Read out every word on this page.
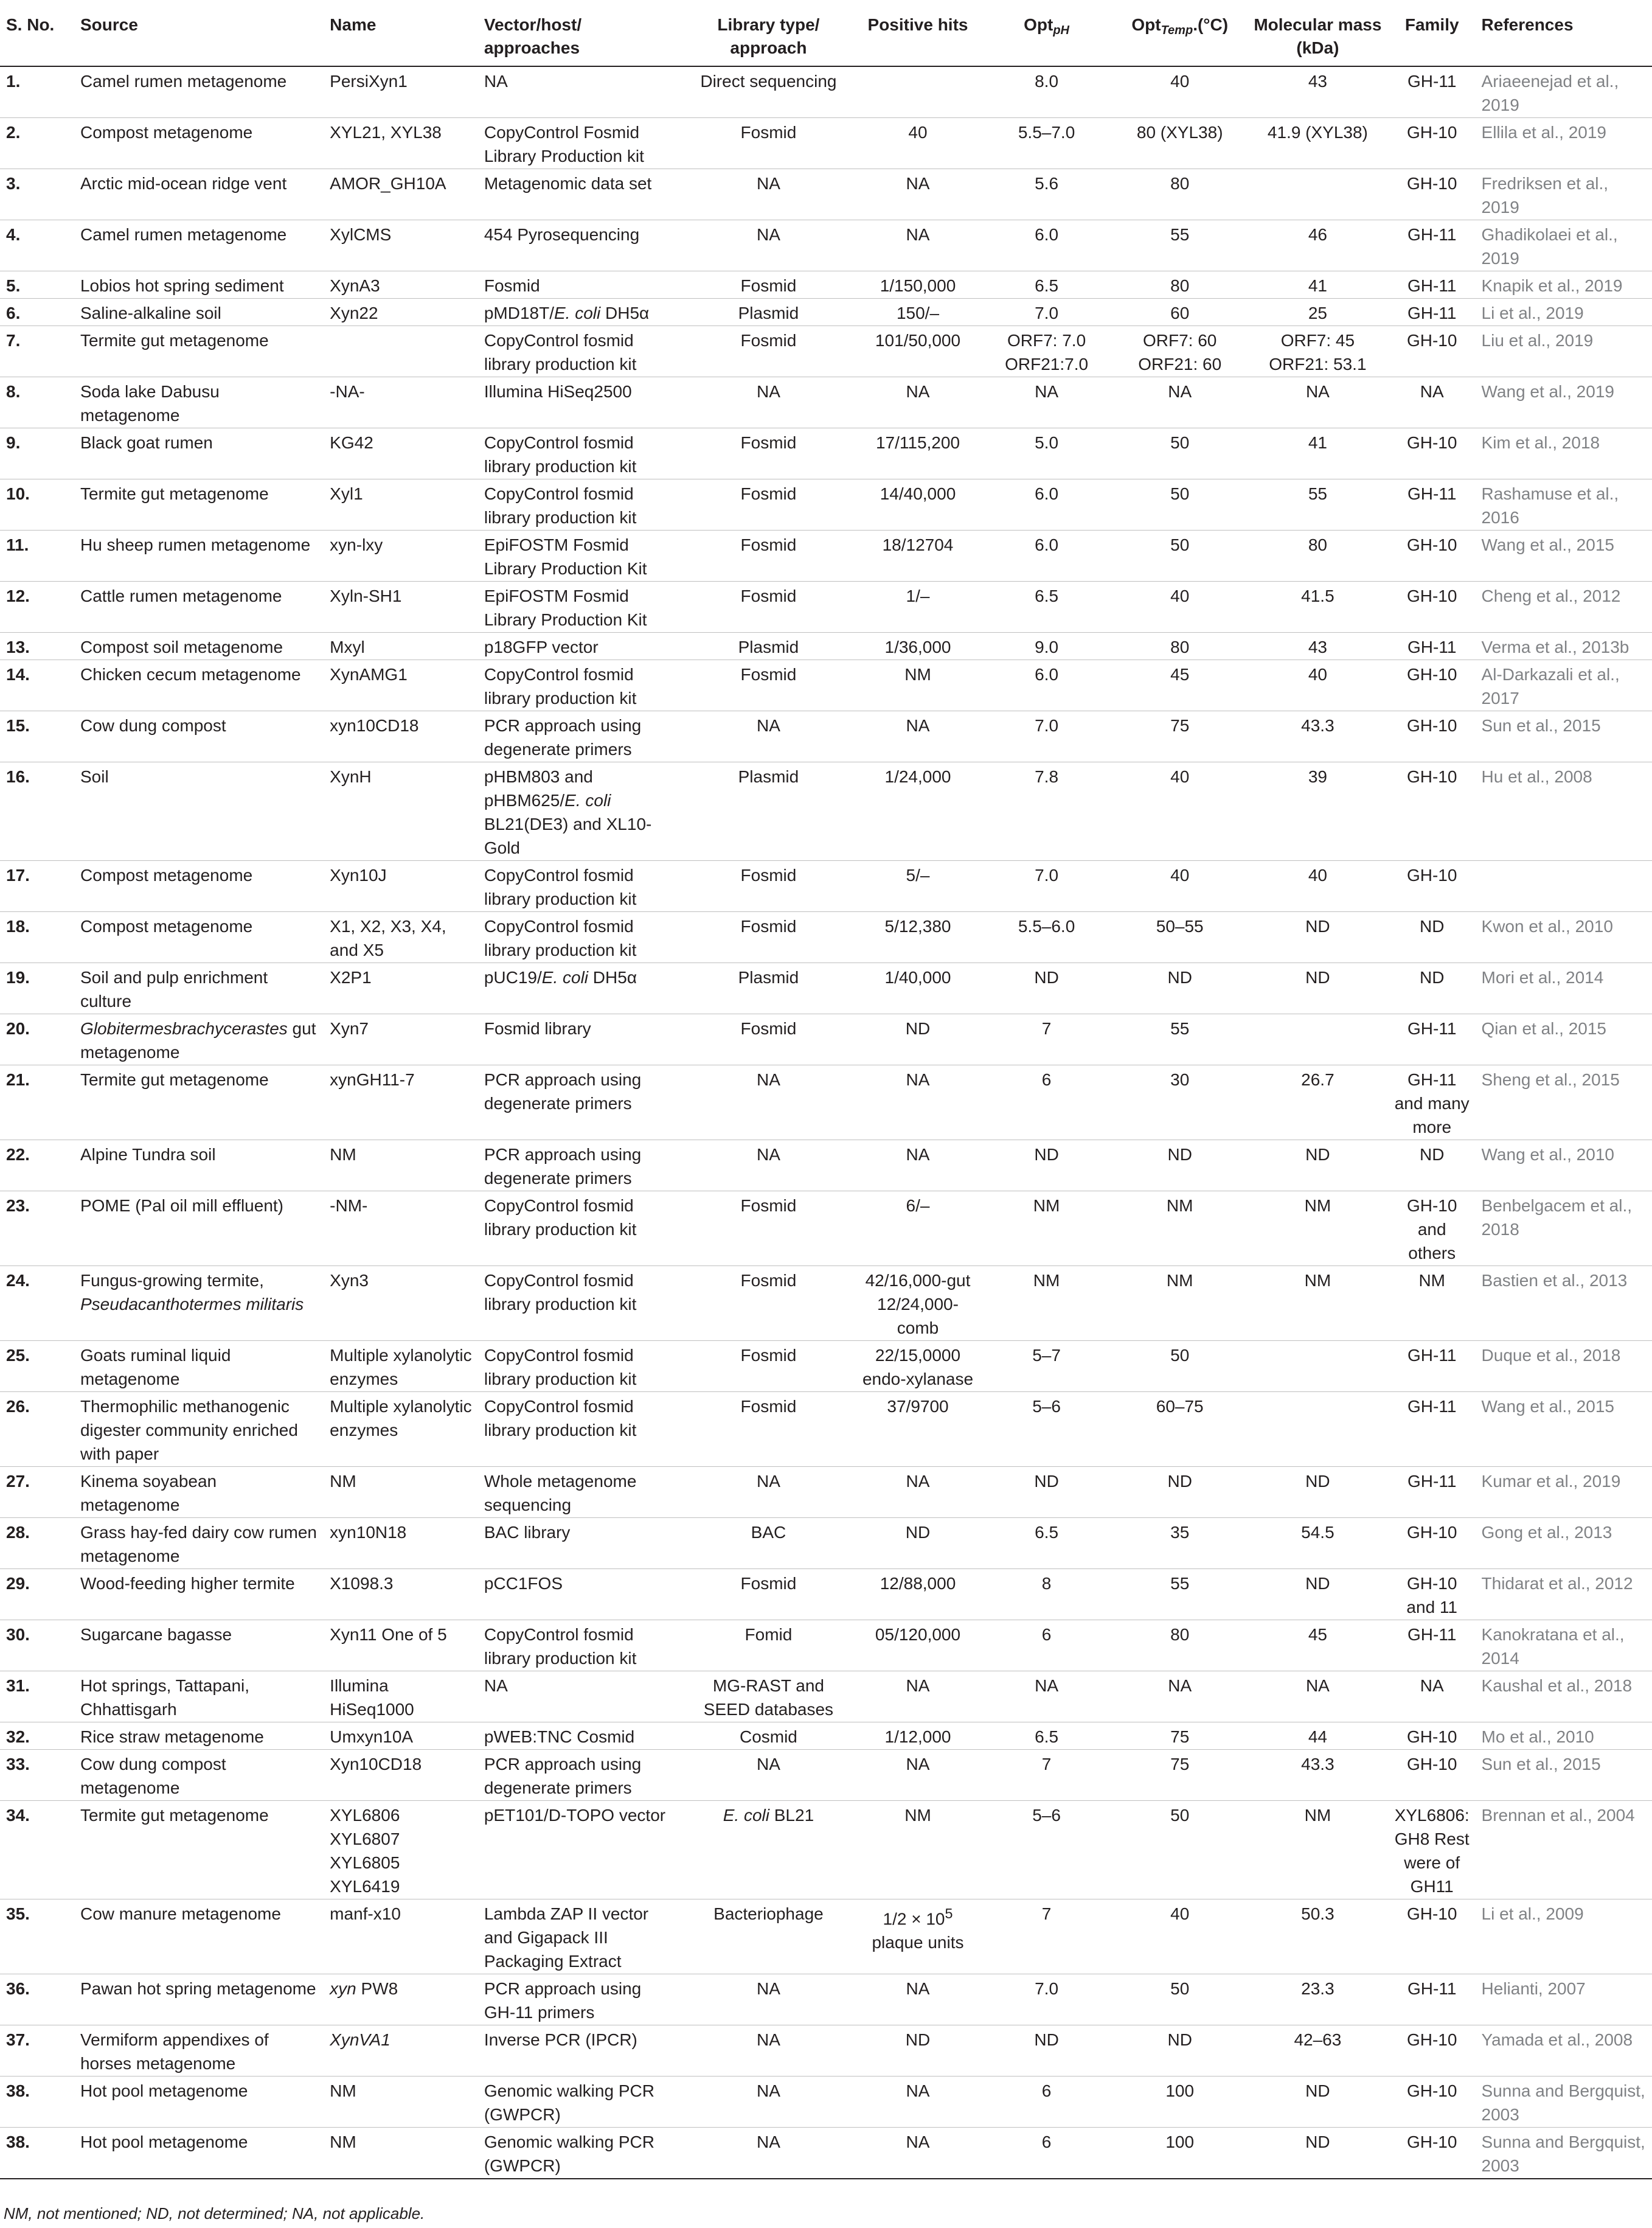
S. No.	Source	Name	Vector/host/ approaches	Library type/ approach	Positive hits	Opt$_{pH}$	Opt$_{Temp}$.(°C)	Molecular mass (kDa)	Family	References
1.	Camel rumen metagenome	PersiXyn1	NA	Direct sequencing		8.0	40	43	GH-11	Ariaeenejad et al., 2019
2.	Compost metagenome	XYL21, XYL38	CopyControl Fosmid Library Production kit	Fosmid	40	5.5–7.0	80 (XYL38)	41.9 (XYL38)	GH-10	Ellila et al., 2019
3.	Arctic mid-ocean ridge vent	AMOR_GH10A	Metagenomic data set	NA	NA	5.6	80		GH-10	Fredriksen et al., 2019
4.	Camel rumen metagenome	XylCMS	454 Pyrosequencing	NA	NA	6.0	55	46	GH-11	Ghadikolaei et al., 2019
5.	Lobios hot spring sediment	XynA3	Fosmid	Fosmid	1/150,000	6.5	80	41	GH-11	Knapik et al., 2019
6.	Saline-alkaline soil	Xyn22	pMD18T/E. coli DH5α	Plasmid	150/–	7.0	60	25	GH-11	Li et al., 2019
7.	Termite gut metagenome		CopyControl fosmid library production kit	Fosmid	101/50,000	ORF7: 7.0 ORF21:7.0	ORF7: 60 ORF21: 60	ORF7: 45 ORF21: 53.1	GH-10	Liu et al., 2019
8.	Soda lake Dabusu metagenome	-NA-	Illumina HiSeq2500	NA	NA	NA	NA	NA	NA	Wang et al., 2019
9.	Black goat rumen	KG42	CopyControl fosmid library production kit	Fosmid	17/115,200	5.0	50	41	GH-10	Kim et al., 2018
10.	Termite gut metagenome	Xyl1	CopyControl fosmid library production kit	Fosmid	14/40,000	6.0	50	55	GH-11	Rashamuse et al., 2016
11.	Hu sheep rumen metagenome	xyn-lxy	EpiFOSTM Fosmid Library Production Kit	Fosmid	18/12704	6.0	50	80	GH-10	Wang et al., 2015
12.	Cattle rumen metagenome	Xyln-SH1	EpiFOSTM Fosmid Library Production Kit	Fosmid	1/–	6.5	40	41.5	GH-10	Cheng et al., 2012
13.	Compost soil metagenome	Mxyl	p18GFP vector	Plasmid	1/36,000	9.0	80	43	GH-11	Verma et al., 2013b
14.	Chicken cecum metagenome	XynAMG1	CopyControl fosmid library production kit	Fosmid	NM	6.0	45	40	GH-10	Al-Darkazali et al., 2017
15.	Cow dung compost	xyn10CD18	PCR approach using degenerate primers	NA	NA	7.0	75	43.3	GH-10	Sun et al., 2015
16.	Soil	XynH	pHBM803 and pHBM625/E. coli BL21(DE3) and XL10-Gold	Plasmid	1/24,000	7.8	40	39	GH-10	Hu et al., 2008
17.	Compost metagenome	Xyn10J	CopyControl fosmid library production kit	Fosmid	5/–	7.0	40	40	GH-10	
18.	Compost metagenome	X1, X2, X3, X4, and X5	CopyControl fosmid library production kit	Fosmid	5/12,380	5.5–6.0	50–55	ND	ND	Kwon et al., 2010
19.	Soil and pulp enrichment culture	X2P1	pUC19/E. coli DH5α	Plasmid	1/40,000	ND	ND	ND	ND	Mori et al., 2014
20.	Globitermesbrachycerastes gut metagenome	Xyn7	Fosmid library	Fosmid	ND	7	55		GH-11	Qian et al., 2015
21.	Termite gut metagenome	xynGH11-7	PCR approach using degenerate primers	NA	NA	6	30	26.7	GH-11 and many more	Sheng et al., 2015
22.	Alpine Tundra soil	NM	PCR approach using degenerate primers	NA	NA	ND	ND	ND	ND	Wang et al., 2010
23.	POME (Pal oil mill effluent)	-NM-	CopyControl fosmid library production kit	Fosmid	6/–	NM	NM	NM	GH-10 and others	Benbelgacem et al., 2018
24.	Fungus-growing termite, Pseudacanthotermes militaris	Xyn3	CopyControl fosmid library production kit	Fosmid	42/16,000-gut 12/24,000-comb	NM	NM	NM	NM	Bastien et al., 2013
25.	Goats ruminal liquid metagenome	Multiple xylanolytic enzymes	CopyControl fosmid library production kit	Fosmid	22/15,0000 endo-xylanase	5–7	50		GH-11	Duque et al., 2018
26.	Thermophilic methanogenic digester community enriched with paper	Multiple xylanolytic enzymes	CopyControl fosmid library production kit	Fosmid	37/9700	5–6	60–75		GH-11	Wang et al., 2015
27.	Kinema soyabean metagenome	NM	Whole metagenome sequencing	NA	NA	ND	ND	ND	GH-11	Kumar et al., 2019
28.	Grass hay-fed dairy cow rumen metagenome	xyn10N18	BAC library	BAC	ND	6.5	35	54.5	GH-10	Gong et al., 2013
29.	Wood-feeding higher termite	X1098.3	pCC1FOS	Fosmid	12/88,000	8	55	ND	GH-10 and 11	Thidarat et al., 2012
30.	Sugarcane bagasse	Xyn11 One of 5	CopyControl fosmid library production kit	Fomid	05/120,000	6	80	45	GH-11	Kanokratana et al., 2014
31.	Hot springs, Tattapani, Chhattisgarh	Illumina HiSeq1000	NA	MG-RAST and SEED databases	NA	NA	NA	NA	NA	Kaushal et al., 2018
32.	Rice straw metagenome	Umxyn10A	pWEB:TNC Cosmid	Cosmid	1/12,000	6.5	75	44	GH-10	Mo et al., 2010
33.	Cow dung compost metagenome	Xyn10CD18	PCR approach using degenerate primers	NA	NA	7	75	43.3	GH-10	Sun et al., 2015
34.	Termite gut metagenome	XYL6806 XYL6807 XYL6805 XYL6419	pET101/D-TOPO vector	E. coli BL21	NM	5–6	50	NM	XYL6806: GH8 Rest were of GH11	Brennan et al., 2004
35.	Cow manure metagenome	manf-x10	Lambda ZAP II vector and Gigapack III Packaging Extract	Bacteriophage	$1/2 \times 10^5$ plaque units	7	40	50.3	GH-10	Li et al., 2009
36.	Pawan hot spring metagenome	xyn PW8	PCR approach using GH-11 primers	NA	NA	7.0	50	23.3	GH-11	Helianti, 2007
37.	Vermiform appendixes of horses metagenome	XynVA1	Inverse PCR (IPCR)	NA	ND	ND	ND	42–63	GH-10	Yamada et al., 2008
38.	Hot pool metagenome	NM	Genomic walking PCR (GWPCR)	NA	NA	6	100	ND	GH-10	Sunna and Bergquist, 2003
38.	Hot pool metagenome	NM	Genomic walking PCR (GWPCR)	NA	NA	6	100	ND	GH-10	Sunna and Bergquist, 2003
NM, not mentioned; ND, not determined; NA, not applicable.
